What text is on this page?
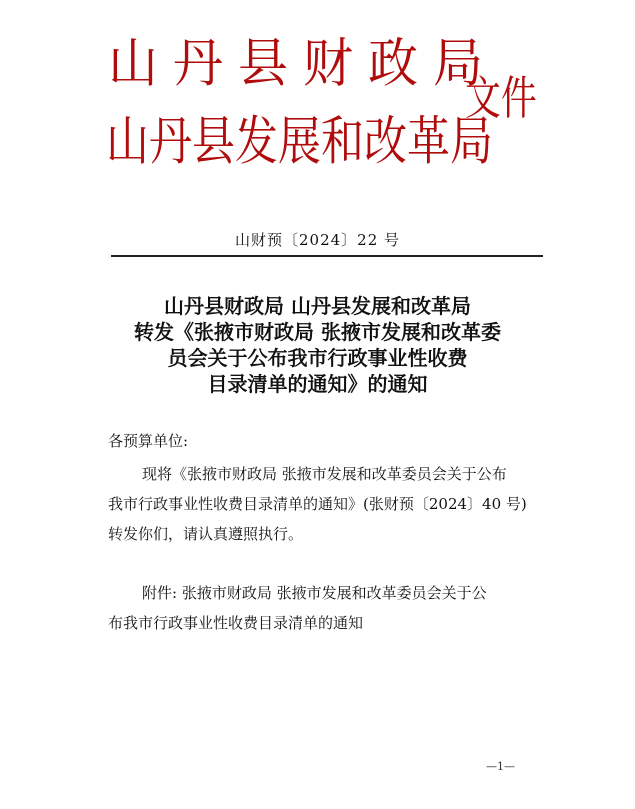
山丹县财政局
山丹县发展和改革局
文件
山财预〔2024〕22 号
山丹县财政局 山丹县发展和改革局
转发《张掖市财政局 张掖市发展和改革委
员会关于公布我市行政事业性收费
目录清单的通知》的通知
各预算单位:
现将《张掖市财政局 张掖市发展和改革委员会关于公布
我市行政事业性收费目录清单的通知》(张财预〔2024〕40 号)
转发你们，请认真遵照执行。
附件: 张掖市财政局 张掖市发展和改革委员会关于公
布我市行政事业性收费目录清单的通知
—1—
